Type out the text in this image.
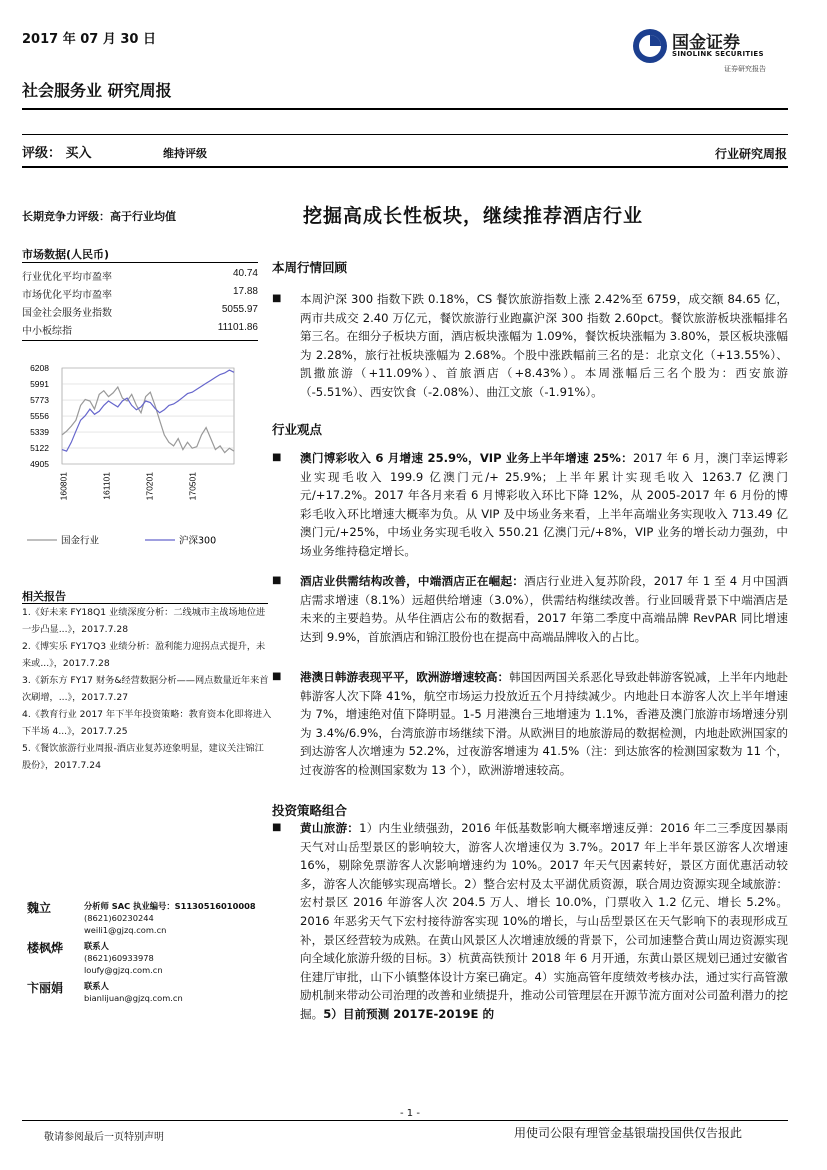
2017 年 07 月 30 日	国金证券
SINOLINK SECURITIES
证券研究报告
社会服务业 研究周报
评级： 买入	维持评级	行业研究周报
长期竞争力评级：高于行业均值	挖掘高成长性板块，继续推荐酒店行业
市场数据(人民币)
行业优化平均市盈率	40.74
市场优化平均市盈率	17.88
国金社会服务业指数	5055.97
中小板综指	11101.86
6208
5991
5773
5556
5339
5122
4905
160801	161101	170201	170501
国金行业	沪深300
相关报告
1.《好未来 FY18Q1 业绩深度分析：二线城市主战场地位进一步凸显...》，2017.7.28
2.《博实乐 FY17Q3 业绩分析：盈利能力迎拐点式提升，未来或...》，2017.7.28
3.《新东方 FY17 财务&经营数据分析——网点数量近年来首次刷增，...》，2017.7.27
4.《教育行业 2017 年下半年投资策略：教育资本化即将进入下半场 4...》，2017.7.25
5.《餐饮旅游行业周报-酒店业复苏迹象明显，建议关注锦江股份》，2017.7.24
魏立	分析师 SAC 执业编号：S1130516010008
(8621)60230244
weili1@gjzq.com.cn
楼枫烨	联系人
(8621)60933978
loufy@gjzq.com.cn
卞丽娟	联系人
bianlijuan@gjzq.com.cn
本周行情回顾
■
本周沪深 300 指数下跌 0.18%，CS 餐饮旅游指数上涨 2.42%至 6759，成交额 84.65 亿，两市共成交 2.40 万亿元，餐饮旅游行业跑赢沪深 300 指数 2.60pct。餐饮旅游板块涨幅排名第三名。在细分子板块方面，酒店板块涨幅为 1.09%，餐饮板块涨幅为 3.80%，景区板块涨幅为 2.28%，旅行社板块涨幅为 2.68%。个股中涨跌幅前三名的是：北京文化（+13.55%）、凯撒旅游（+11.09%）、首旅酒店（+8.43%）。本周涨幅后三名个股为：西安旅游（-5.51%）、西安饮食（-2.08%）、曲江文旅（-1.91%）。
行业观点
■
澳门博彩收入 6 月增速 25.9%，VIP 业务上半年增速 25%：2017 年 6 月，澳门幸运博彩业实现毛收入 199.9 亿澳门元/+ 25.9%；上半年累计实现毛收入 1263.7 亿澳门元/+17.2%。2017 年各月来看 6 月博彩收入环比下降 12%，从 2005-2017 年 6 月份的博彩毛收入环比增速大概率为负。从 VIP 及中场业务来看，上半年高端业务实现收入 713.49 亿澳门元/+25%，中场业务实现毛收入 550.21 亿澳门元/+8%，VIP 业务的增长动力强劲，中场业务维持稳定增长。
■
酒店业供需结构改善，中端酒店正在崛起：酒店行业进入复苏阶段，2017 年 1 至 4 月中国酒店需求增速（8.1%）远超供给增速（3.0%），供需结构继续改善。行业回暖背景下中端酒店是未来的主要趋势。从华住酒店公布的数据看，2017 年第二季度中高端品牌 RevPAR 同比增速达到 9.9%，首旅酒店和锦江股份也在提高中高端品牌收入的占比。
■
港澳日韩游表现平平，欧洲游增速较高：韩国因两国关系恶化导致赴韩游客锐减，上半年内地赴韩游客人次下降 41%，航空市场运力投放近五个月持续减少。内地赴日本游客人次上半年增速为 7%，增速绝对值下降明显。1-5 月港澳台三地增速为 1.1%，香港及澳门旅游市场增速分别为 3.4%/6.9%，台湾旅游市场继续下滑。从欧洲目的地旅游局的数据检测，内地赴欧洲国家的到达游客人次增速为 52.2%，过夜游客增速为 41.5%（注：到达旅客的检测国家数为 11 个，过夜游客的检测国家数为 13 个），欧洲游增速较高。
投资策略组合
■
黄山旅游：1）内生业绩强劲，2016 年低基数影响大概率增速反弹：2016 年二三季度因暴雨天气对山岳型景区的影响较大，游客人次增速仅为 3.7%。2017 年上半年景区游客人次增速 16%，剔除免票游客人次影响增速约为 10%。2017 年天气因素转好，景区方面优惠活动较多，游客人次能够实现高增长。2）整合宏村及太平湖优质资源，联合周边资源实现全域旅游：宏村景区 2016 年游客人次 204.5 万人、增长 10.0%，门票收入 1.2 亿元、增长 5.2%。2016 年恶劣天气下宏村接待游客实现 10%的增长，与山岳型景区在天气影响下的表现形成互补，景区经营较为成熟。在黄山风景区人次增速放缓的背景下，公司加速整合黄山周边资源实现向全域化旅游升级的目标。3）杭黄高铁预计 2018 年 6 月开通，东黄山景区规划已通过安徽省住建厅审批，山下小镇整体设计方案已确定。4）实施高管年度绩效考核办法，通过实行高管激励机制来带动公司治理的改善和业绩提升，推动公司管理层在开源节流方面对公司盈利潜力的挖掘。5）目前预测 2017E-2019E 的
- 1 -
敬请参阅最后一页特别声明	用使司公限有理管金基银瑞投国供仅告报此
